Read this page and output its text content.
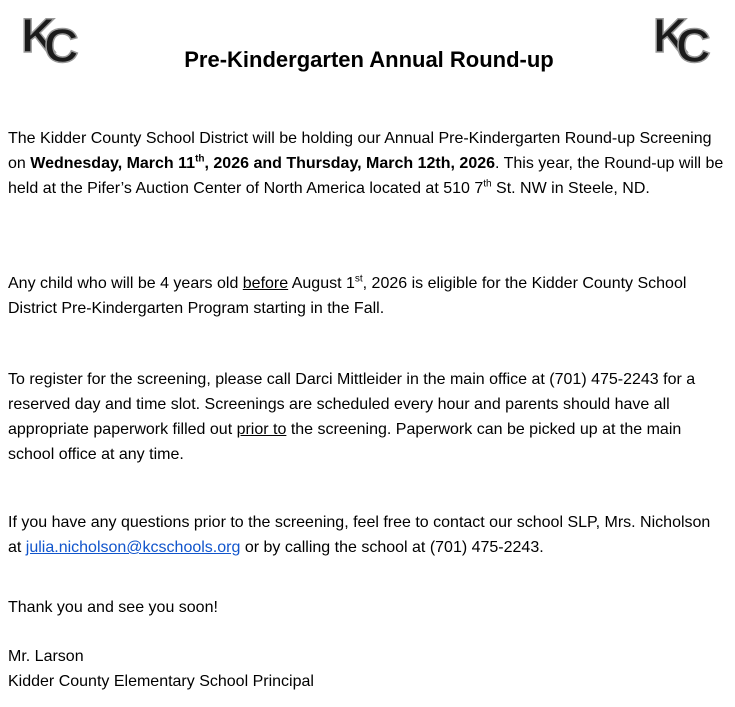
K
C	K
C
Pre-Kindergarten Annual Round-up

The Kidder County School District will be holding our Annual Pre-Kindergarten Round-up Screening on Wednesday, March 11th, 2026 and Thursday, March 12th, 2026. This year, the Round-up will be held at the Pifer’s Auction Center of North America located at 510 7th St. NW in Steele, ND.

Any child who will be 4 years old before August 1st, 2026 is eligible for the Kidder County School District Pre-Kindergarten Program starting in the Fall.

To register for the screening, please call Darci Mittleider in the main office at (701) 475-2243 for a reserved day and time slot. Screenings are scheduled every hour and parents should have all appropriate paperwork filled out prior to the screening. Paperwork can be picked up at the main school office at any time.

If you have any questions prior to the screening, feel free to contact our school SLP, Mrs. Nicholson at julia.nicholson@kcschools.org or by calling the school at (701) 475-2243.

Thank you and see you soon!

Mr. Larson
Kidder County Elementary School Principal
